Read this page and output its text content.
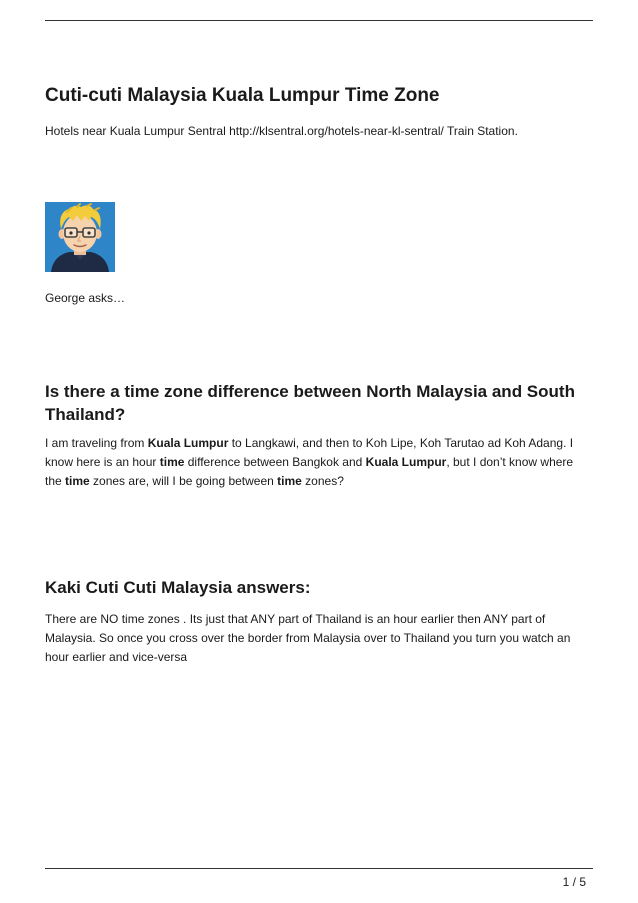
Cuti-cuti Malaysia Kuala Lumpur Time Zone

Hotels near Kuala Lumpur Sentral http://klsentral.org/hotels-near-kl-sentral/ Train Station.

George asks…

Is there a time zone difference between North Malaysia and South Thailand?

I am traveling from Kuala Lumpur to Langkawi, and then to Koh Lipe, Koh Tarutao ad Koh Adang. I know here is an hour time difference between Bangkok and Kuala Lumpur, but I don’t know where the time zones are, will I be going between time zones?

Kaki Cuti Cuti Malaysia answers:

There are NO time zones . Its just that ANY part of Thailand is an hour earlier then ANY part of Malaysia. So once you cross over the border from Malaysia over to Thailand you turn you watch an hour earlier and vice-versa

1 / 5
